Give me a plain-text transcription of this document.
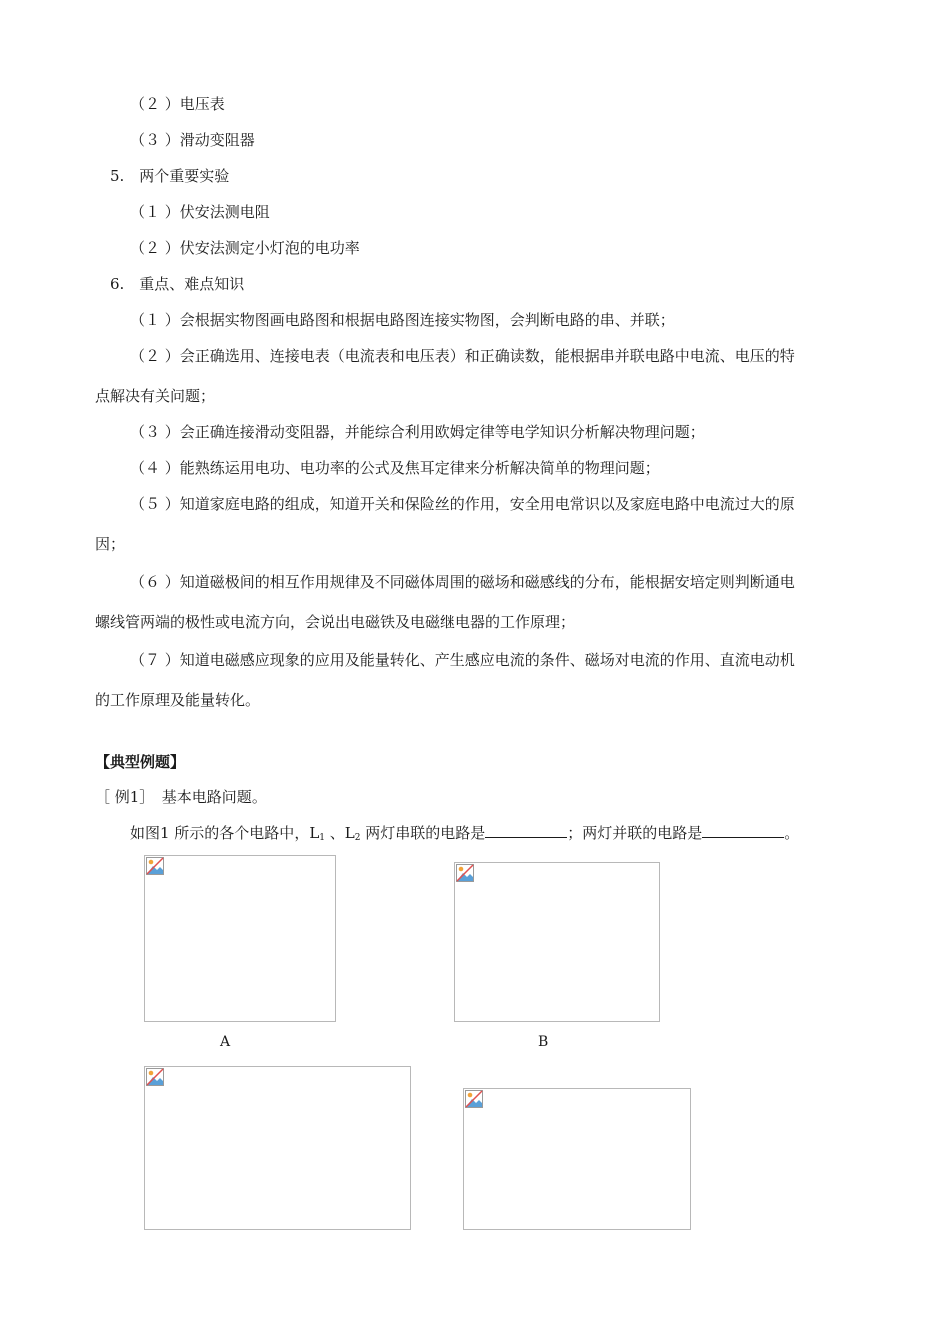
（２ ）电压表
（３ ）滑动变阻器
5.　两个重要实验
（１ ）伏安法测电阻
（２ ）伏安法测定小灯泡的电功率
6.　重点、难点知识
（１ ）会根据实物图画电路图和根据电路图连接实物图，会判断电路的串、并联；
（２ ）会正确选用、连接电表（电流表和电压表）和正确读数，能根据串并联电路中电流、电压的特
点解决有关问题；
（３ ）会正确连接滑动变阻器，并能综合利用欧姆定律等电学知识分析解决物理问题；
（４ ）能熟练运用电功、电功率的公式及焦耳定律来分析解决简单的物理问题；
（５ ）知道家庭电路的组成，知道开关和保险丝的作用，安全用电常识以及家庭电路中电流过大的原
因；
（６ ）知道磁极间的相互作用规律及不同磁体周围的磁场和磁感线的分布，能根据安培定则判断通电
螺线管两端的极性或电流方向，会说出电磁铁及电磁继电器的工作原理；
（７ ）知道电磁感应现象的应用及能量转化、产生感应电流的条件、磁场对电流的作用、直流电动机
的工作原理及能量转化。
【典型例题】
［ 例1］　基本电路问题。
如图1 所示的各个电路中，$L_1$ 、$L_2$ 两灯串联的电路是	；两灯并联的电路是	。
A	B
